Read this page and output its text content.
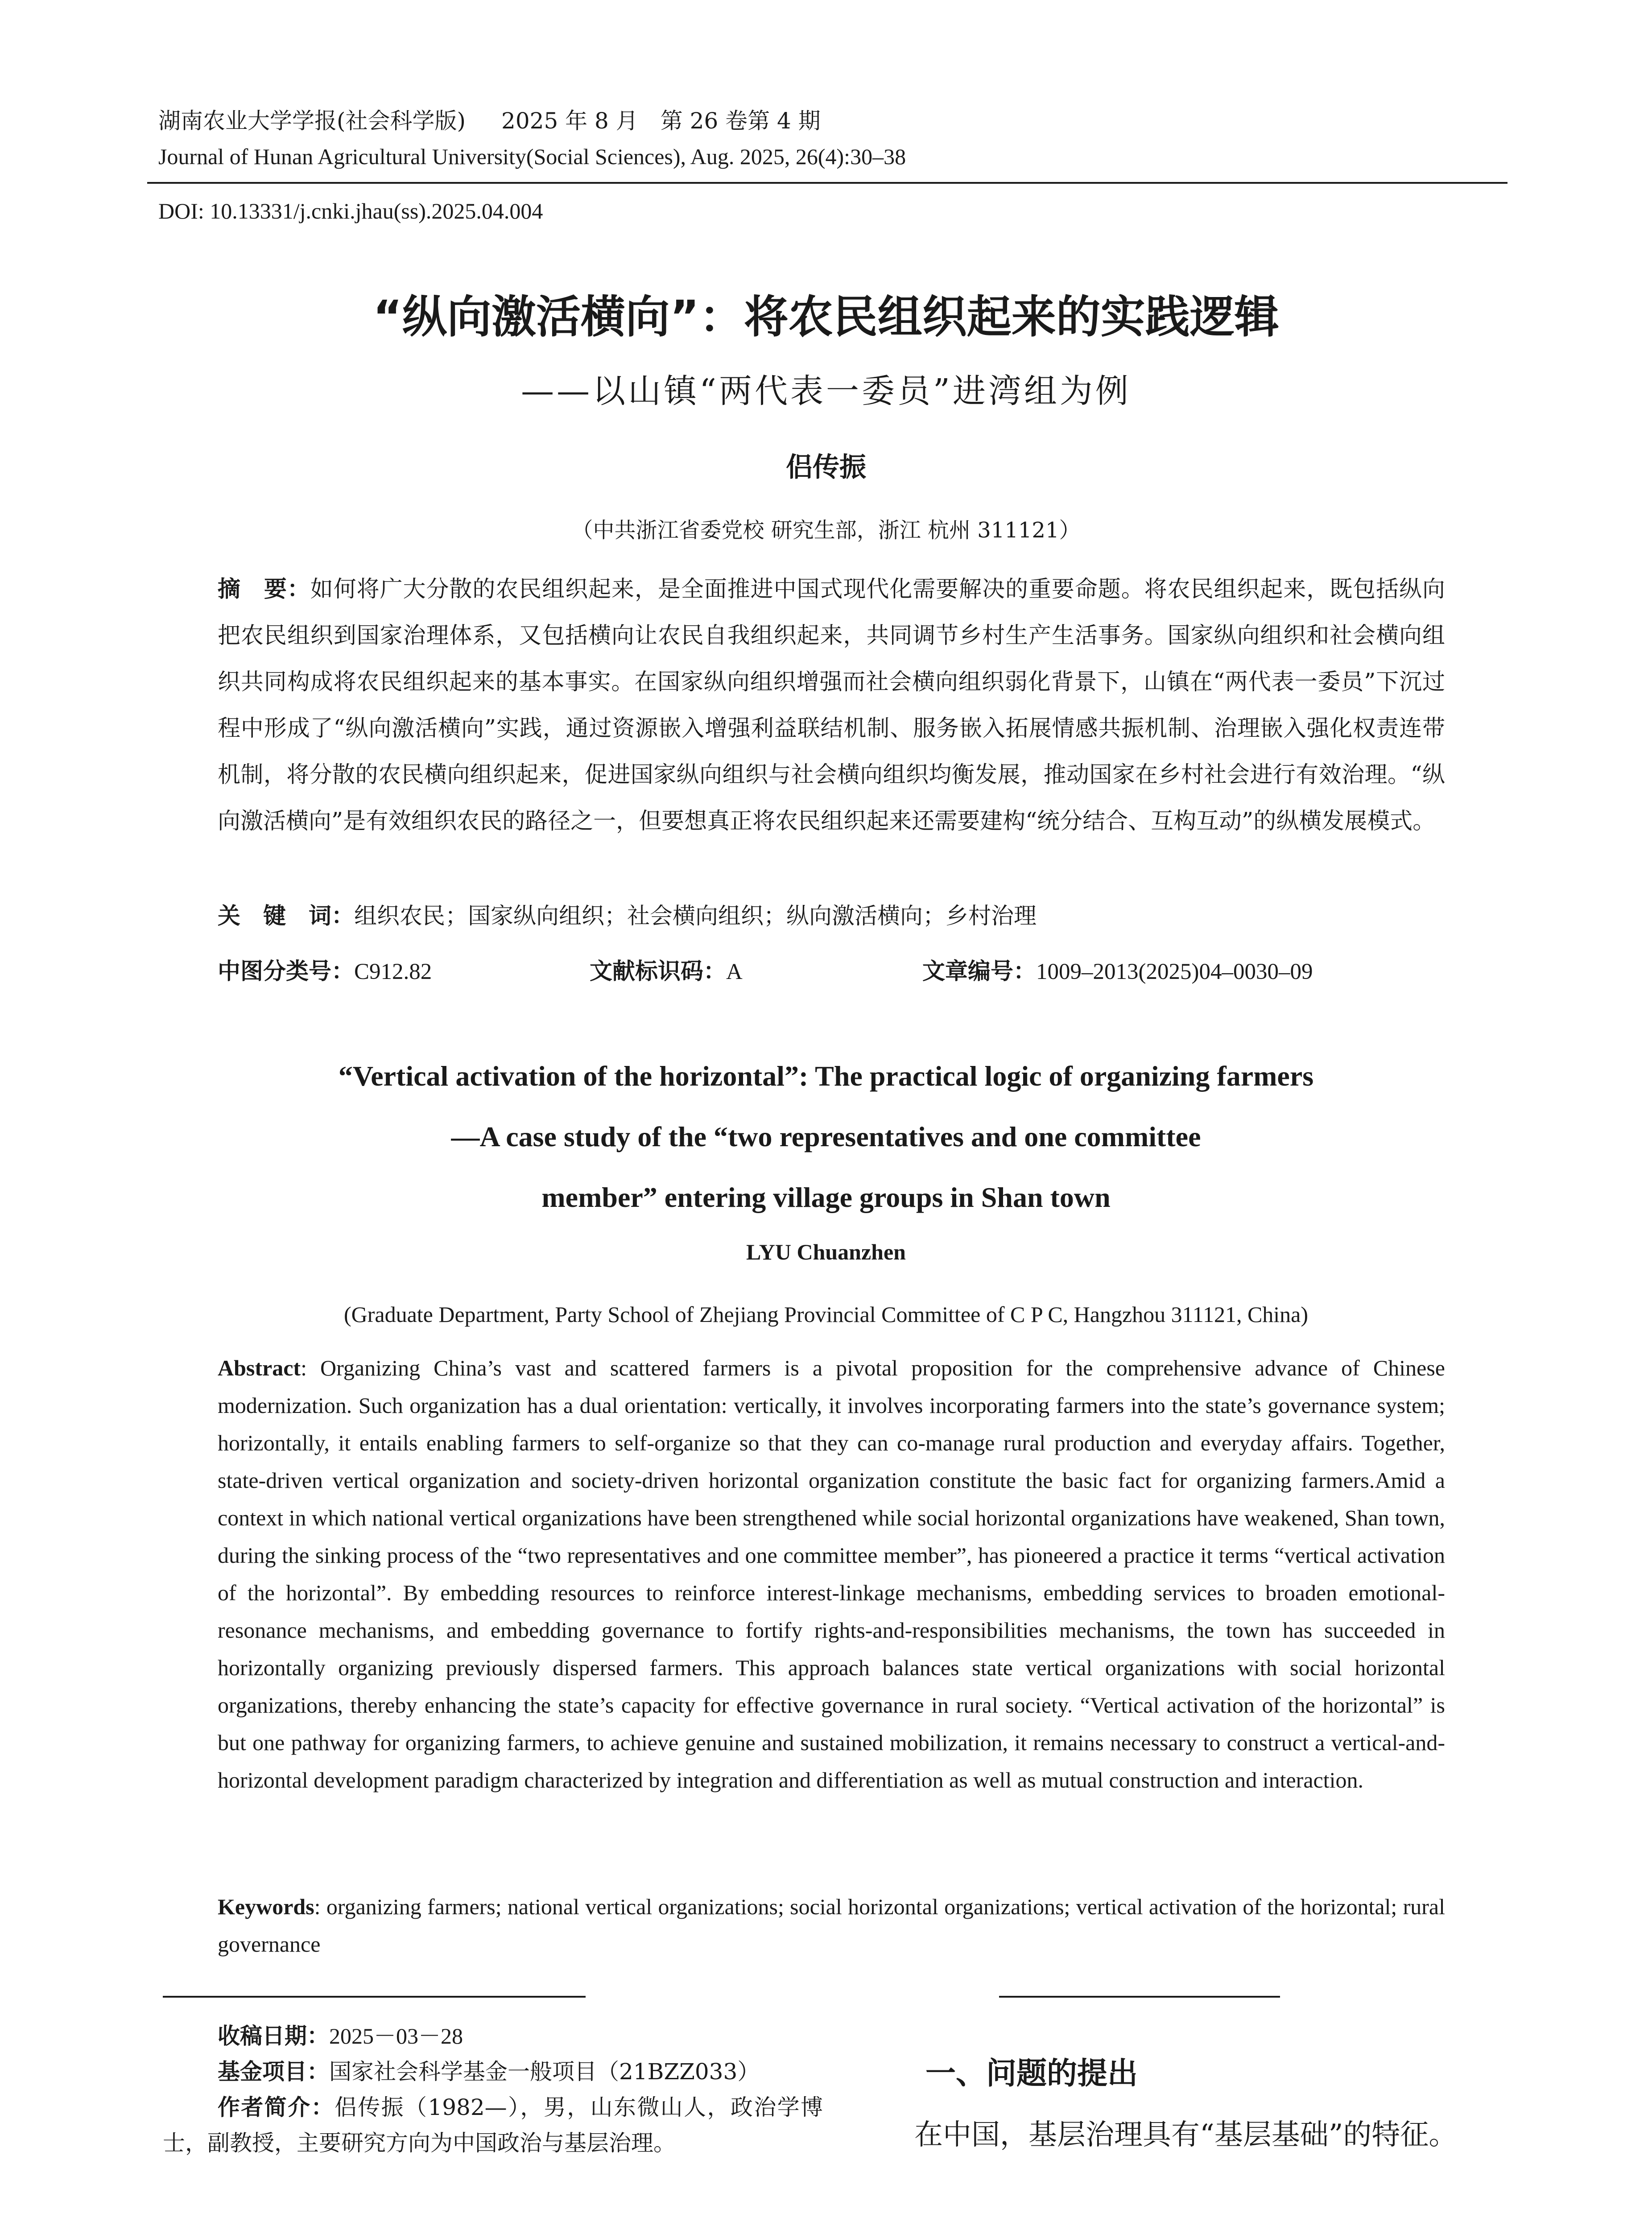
湖南农业大学学报(社会科学版) 2025 年 8 月　第 26 卷第 4 期
Journal of Hunan Agricultural University(Social Sciences), Aug. 2025, 26(4):30–38
DOI: 10.13331/j.cnki.jhau(ss).2025.04.004
“纵向激活横向”：将农民组织起来的实践逻辑
——以山镇“两代表一委员”进湾组为例
侣传振
（中共浙江省委党校 研究生部，浙江 杭州 311121）
摘　要：如何将广大分散的农民组织起来，是全面推进中国式现代化需要解决的重要命题。将农民组织起来，既包括纵向把农民组织到国家治理体系，又包括横向让农民自我组织起来，共同调节乡村生产生活事务。国家纵向组织和社会横向组织共同构成将农民组织起来的基本事实。在国家纵向组织增强而社会横向组织弱化背景下，山镇在“两代表一委员”下沉过程中形成了“纵向激活横向”实践，通过资源嵌入增强利益联结机制、服务嵌入拓展情感共振机制、治理嵌入强化权责连带机制，将分散的农民横向组织起来，促进国家纵向组织与社会横向组织均衡发展，推动国家在乡村社会进行有效治理。“纵向激活横向”是有效组织农民的路径之一，但要想真正将农民组织起来还需要建构“统分结合、互构互动”的纵横发展模式。
关　键　词：组织农民；国家纵向组织；社会横向组织；纵向激活横向；乡村治理
中图分类号：C912.82	文献标识码：A	文章编号：1009–2013(2025)04–0030–09
“Vertical activation of the horizontal”: The practical logic of organizing farmers
—A case study of the “two representatives and one committee
member” entering village groups in Shan town
LYU Chuanzhen
(Graduate Department, Party School of Zhejiang Provincial Committee of C P C, Hangzhou 311121, China)
Abstract: Organizing China’s vast and scattered farmers is a pivotal proposition for the comprehensive advance of Chinese modernization. Such organization has a dual orientation: vertically, it involves incorporating farmers into the state’s governance system; horizontally, it entails enabling farmers to self-organize so that they can co-manage rural production and everyday affairs. Together, state-driven vertical organization and society-driven horizontal organization constitute the basic fact for organizing farmers.Amid a context in which national vertical organizations have been strengthened while social horizontal organizations have weakened, Shan town, during the sinking process of the “two representatives and one committee member”, has pioneered a practice it terms “vertical activation of the horizontal”. By embedding resources to reinforce interest-linkage mechanisms, embedding services to broaden emotional-resonance mechanisms, and embedding governance to fortify rights-and-responsibilities mechanisms, the town has succeeded in horizontally organizing previously dispersed farmers. This approach balances state vertical organizations with social horizontal organizations, thereby enhancing the state’s capacity for effective governance in rural society. “Vertical activation of the horizontal” is but one pathway for organizing farmers, to achieve genuine and sustained mobilization, it remains necessary to construct a vertical-and-horizontal development paradigm characterized by integration and differentiation as well as mutual construction and interaction.
Keywords: organizing farmers; national vertical organizations; social horizontal organizations; vertical activation of the horizontal; rural governance
收稿日期：2025－03－28
基金项目：国家社会科学基金一般项目（21BZZ033）
作者简介：侣传振（1982—），男，山东微山人，政治学博士，副教授，主要研究方向为中国政治与基层治理。
一、问题的提出
在中国，基层治理具有“基层基础”的特征。
